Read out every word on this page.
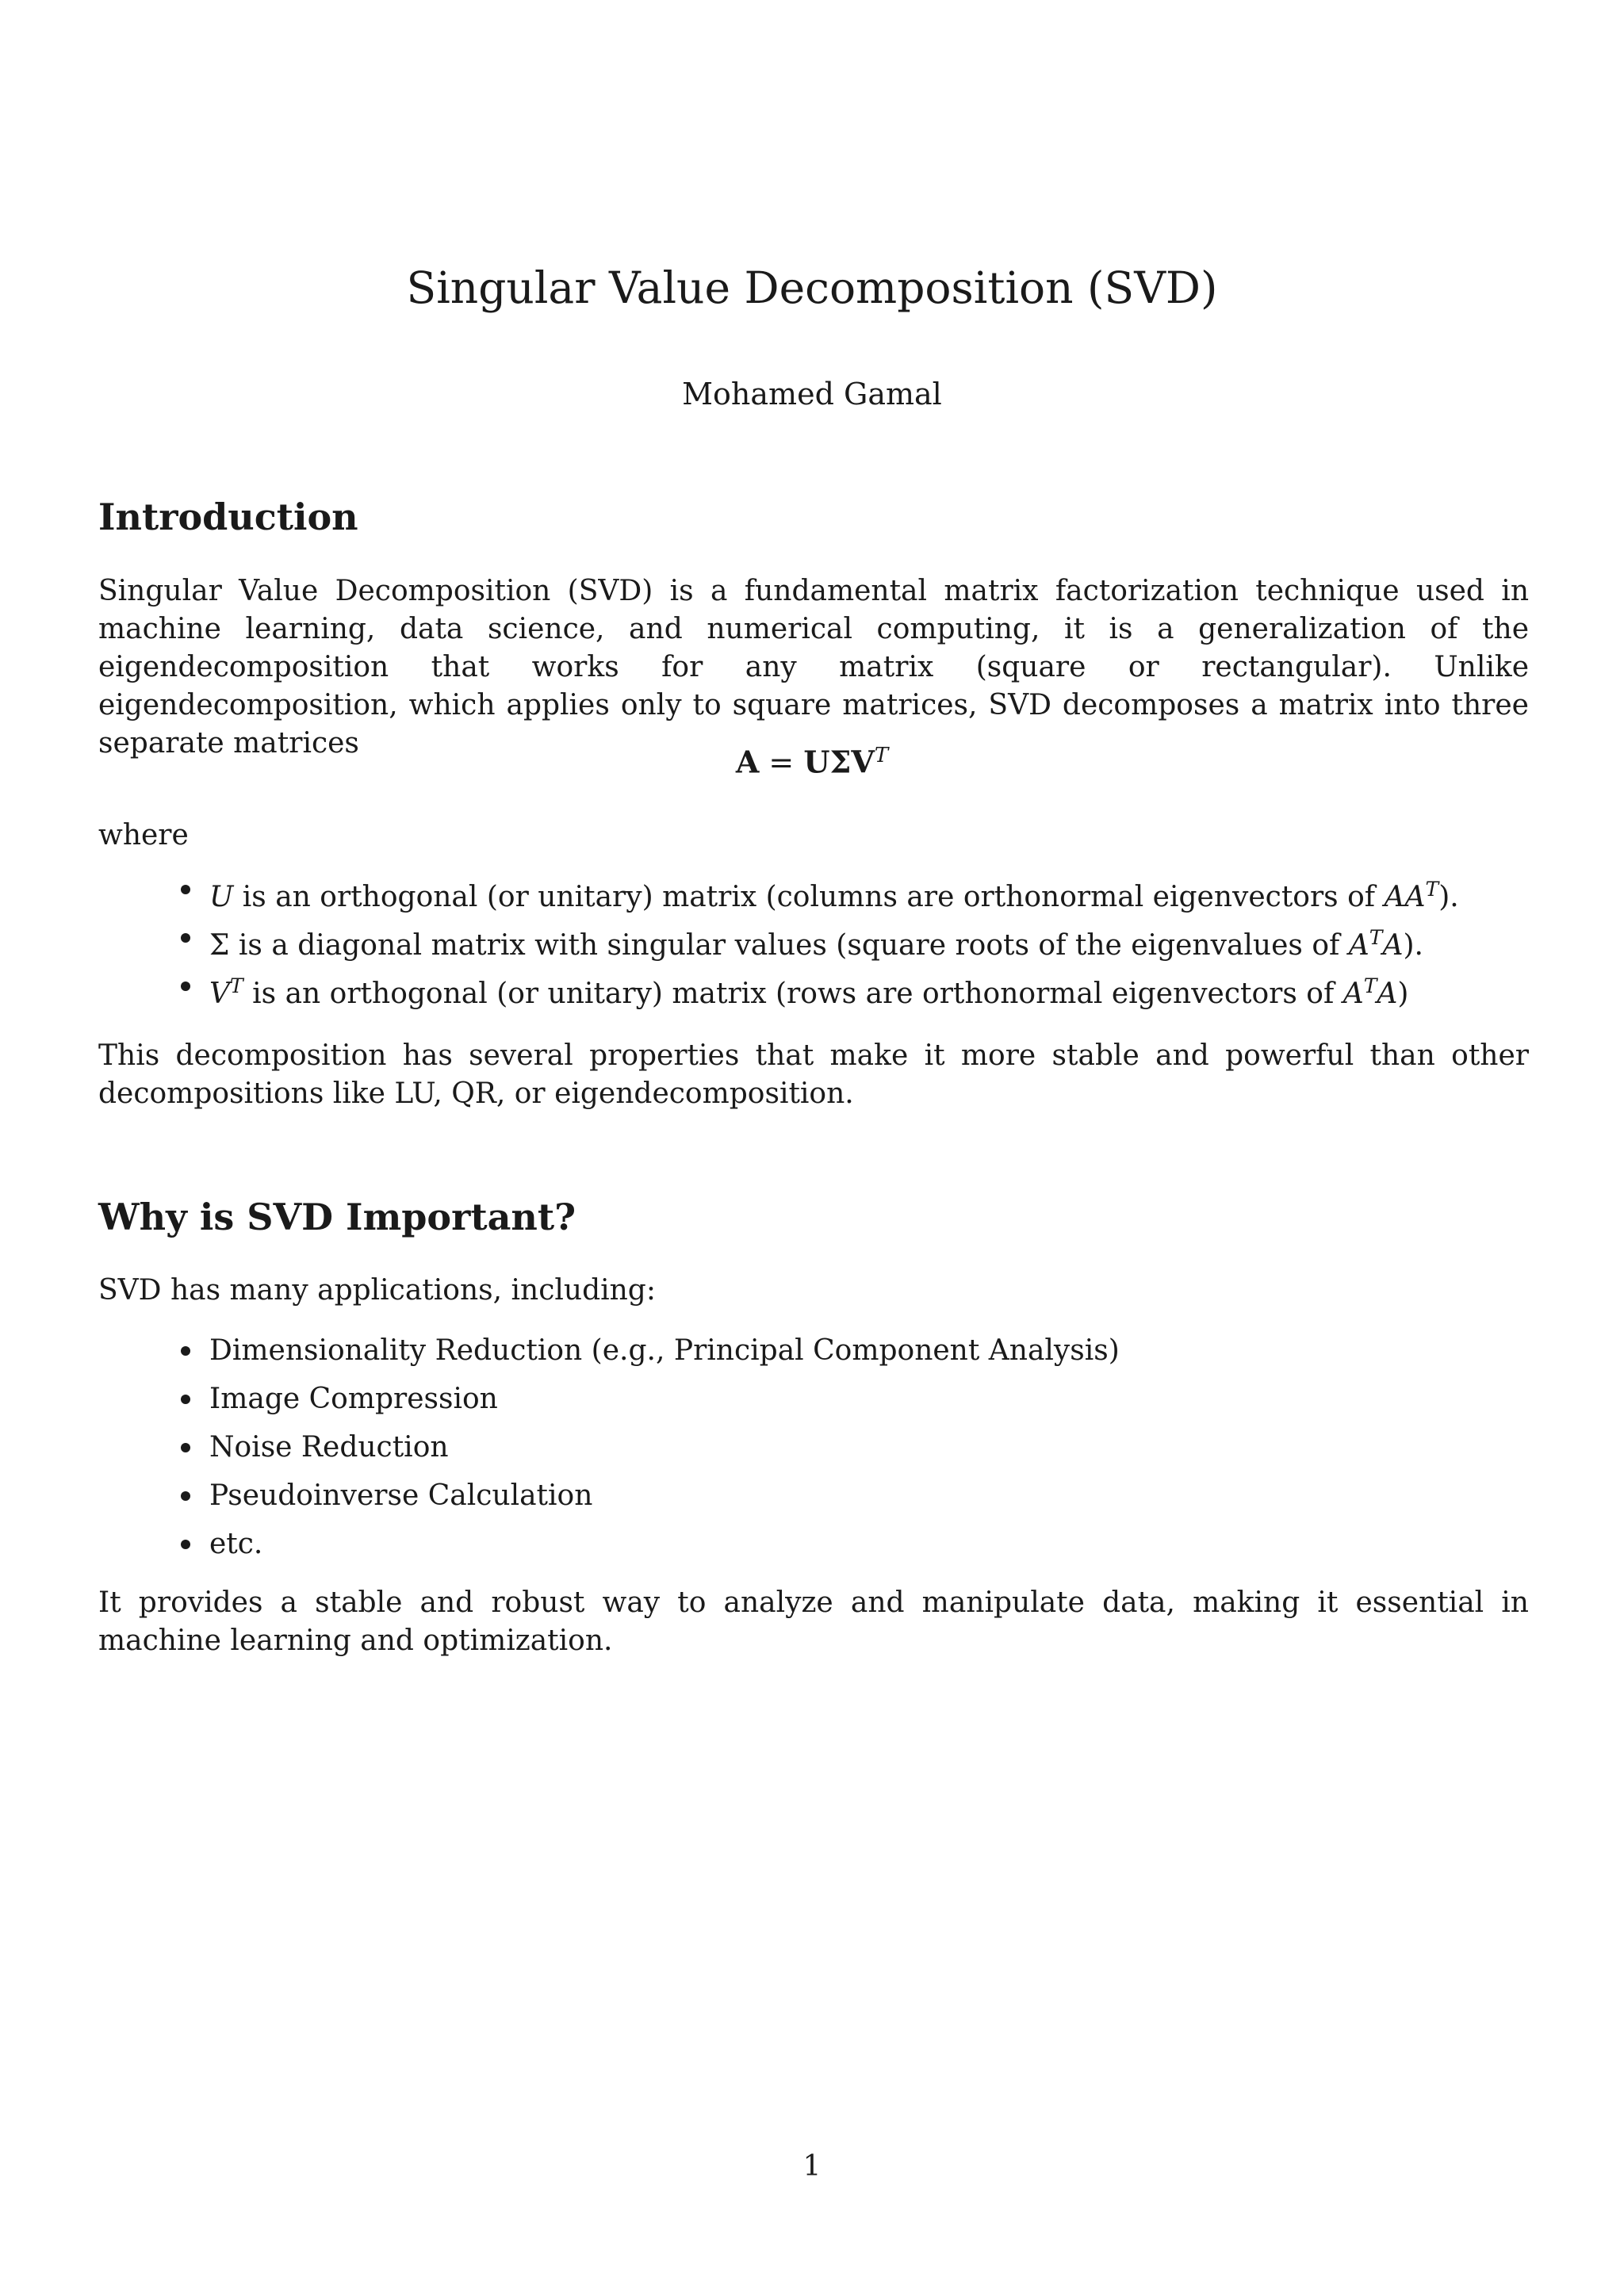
Singular Value Decomposition (SVD)

Mohamed Gamal

Introduction

Singular Value Decomposition (SVD) is a fundamental matrix factorization technique used in machine learning, data science, and numerical computing, it is a generalization of the eigendecomposition that works for any matrix (square or rectangular). Unlike eigendecomposition, which applies only to square matrices, SVD decomposes a matrix into three separate matrices

$A = U\Sigma V^T$

where

U is an orthogonal (or unitary) matrix (columns are orthonormal eigenvectors of $AA^T$).
Σ is a diagonal matrix with singular values (square roots of the eigenvalues of $A^TA$).
$V^T$ is an orthogonal (or unitary) matrix (rows are orthonormal eigenvectors of $A^TA$)

This decomposition has several properties that make it more stable and powerful than other decompositions like LU, QR, or eigendecomposition.

Why is SVD Important?

SVD has many applications, including:

Dimensionality Reduction (e.g., Principal Component Analysis)
Image Compression
Noise Reduction
Pseudoinverse Calculation
etc.

It provides a stable and robust way to analyze and manipulate data, making it essential in machine learning and optimization.

1
